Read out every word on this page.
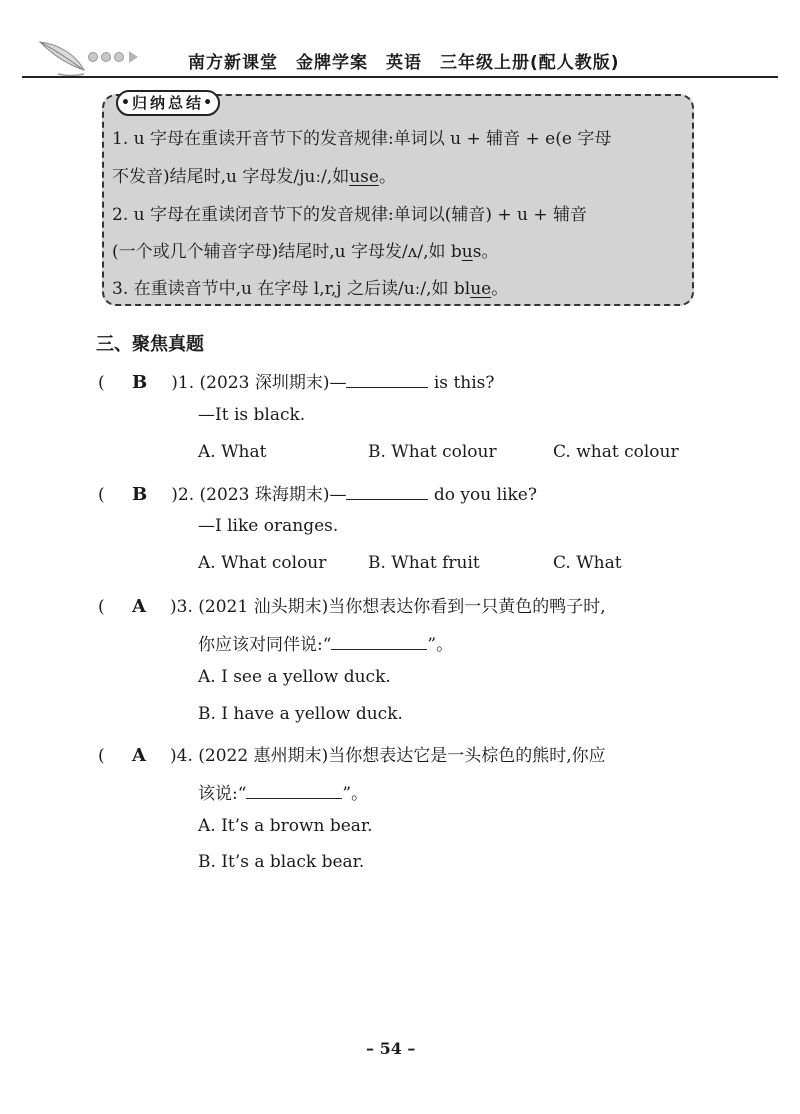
南方新课堂 金牌学案 英语 三年级上册(配人教版)
• 归纳总结 •
1. u 字母在重读开音节下的发音规律:单词以 u + 辅音 + e(e 字母
不发音)结尾时,u 字母发/juː/,如use。
2. u 字母在重读闭音节下的发音规律:单词以(辅音) + u + 辅音
(一个或几个辅音字母)结尾时,u 字母发/ʌ/,如 bus。
3. 在重读音节中,u 在字母 l,r,j 之后读/uː/,如 blue。
三、聚焦真题
( B )1. (2023 深圳期末)—	is this?
—It is black.
A. What	B. What colour	C. what colour
( B )2. (2023 珠海期末)—	do you like?
—I like oranges.
A. What colour B. What fruit	C. What
( A )3. (2021 汕头期末)当你想表达你看到一只黄色的鸭子时,
你应该对同伴说:“	”。
A. I see a yellow duck.
B. I have a yellow duck.
( A )4. (2022 惠州期末)当你想表达它是一头棕色的熊时,你应
该说:“	”。
A. It’s a brown bear.
B. It’s a black bear.
– 54 –
